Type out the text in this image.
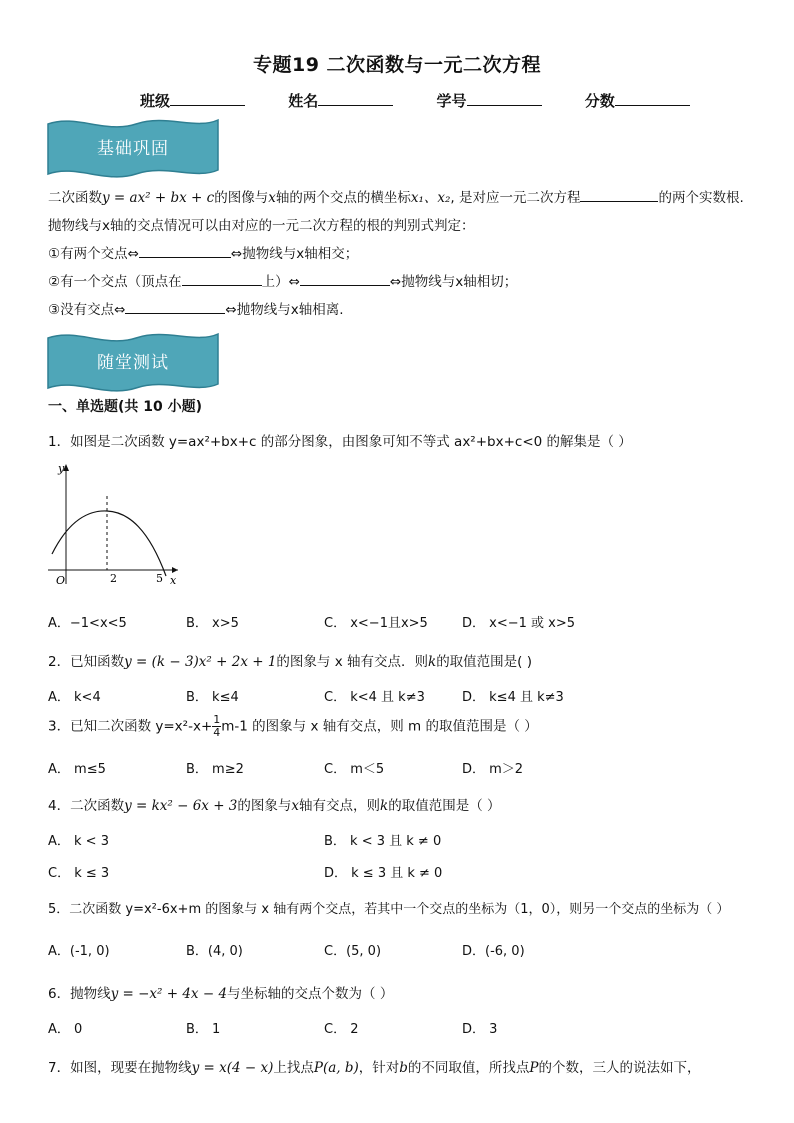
专题19 二次函数与一元二次方程
班级	姓名	学号	分数
基础巩固
二次函数y = ax² + bx + c的图像与x轴的两个交点的横坐标x₁、x₂, 是对应一元二次方程	的两个实数根.
抛物线与x轴的交点情况可以由对应的一元二次方程的根的判别式判定：
①有两个交点⇔	⇔抛物线与x轴相交；
②有一个交点（顶点在	上）⇔	⇔抛物线与x轴相切；
③没有交点⇔	⇔抛物线与x轴相离.
随堂测试
一、单选题(共 10 小题)
1．如图是二次函数 y=ax²+bx+c 的部分图象，由图象可知不等式 ax²+bx+c<0 的解集是（ ）
O
y
x
2	5
A．−1<x<5	B． x>5	C． x<−1且x>5	D． x<−1 或 x>5
2．已知函数y = (k − 3)x² + 2x + 1的图象与 x 轴有交点．则k的取值范围是( )
A． k<4	B． k≤4	C． k<4 且 k≠3	D． k≤4 且 k≠3
3．已知二次函数 $y=x^2-x+ \frac{1}{4} m-1$ 的图象与 x 轴有交点，则 m 的取值范围是（ ）
A． m≤5	B． m≥2	C． m＜5	D． m＞2
4．二次函数y = kx² − 6x + 3的图象与x轴有交点，则k的取值范围是（ ）
A． k < 3	B． k < 3 且 k ≠ 0
C． k ≤ 3	D． k ≤ 3 且 k ≠ 0
5．二次函数 y=x²-6x+m 的图象与 x 轴有两个交点，若其中一个交点的坐标为（1，0），则另一个交点的坐标为（ ）
A．(-1, 0)	B．(4, 0)	C．(5, 0)	D．(-6, 0)
6．抛物线y = −x² + 4x − 4与坐标轴的交点个数为（ ）
A． 0	B． 1	C． 2	D． 3
7．如图，现要在抛物线y = x(4 − x)上找点P(a, b)，针对b的不同取值，所找点P的个数，三人的说法如下，
